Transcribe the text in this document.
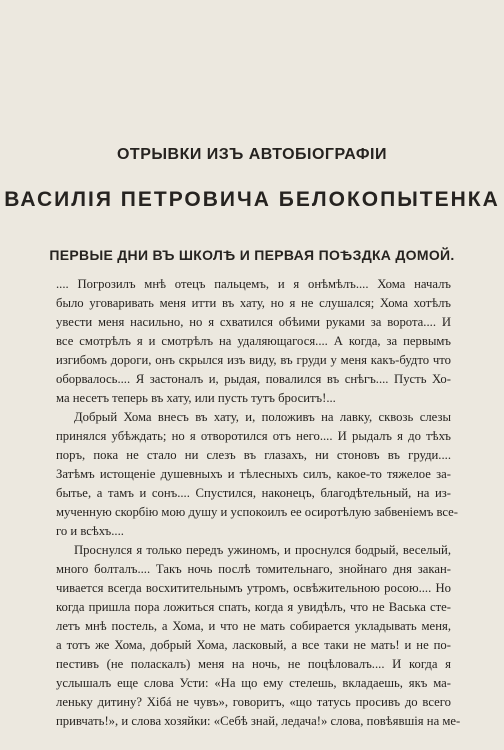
ОТРЫВКИ ИЗЪ АВТОБІОГРАФІИ
ВАСИЛІЯ ПЕТРОВИЧА БЕЛОКОПЫТЕНКА
ПЕРВЫЕ ДНИ ВЪ ШКОЛѢ И ПЕРВАЯ ПОѢЗДКА ДОМОЙ.
.... Погрозилъ мнѣ отецъ пальцемъ, и я онѣмѣлъ.... Хома началъ
было уговаривать меня итти въ хату, но я не слушался; Хома хотѣлъ
увести меня насильно, но я схватился обѣими руками за ворота.... И
все смотрѣлъ я и смотрѣлъ на удаляющагося.... А когда, за первымъ
изгибомъ дороги, онъ скрылся изъ виду, въ груди у меня какъ-будто что
оборвалось.... Я застоналъ и, рыдая, повалился въ снѣгъ.... Пусть Хо-
ма несетъ теперь въ хату, или пусть тутъ броситъ!...
Добрый Хома внесъ въ хату, и, положивъ на лавку, сквозь слезы
принялся убѣждать; но я отворотился отъ него.... И рыдалъ я до тѣхъ
поръ, пока не стало ни слезъ въ глазахъ, ни стоновъ въ груди....
Затѣмъ истощеніе душевныхъ и тѣлесныхъ силъ, какое-то тяжелое за-
бытье, а тамъ и сонъ.... Спустился, наконецъ, благодѣтельный, на из-
мученную скорбію мою душу и успокоилъ ее осиротѣлую забвеніемъ все-
го и всѣхъ....
Проснулся я только передъ ужиномъ, и проснулся бодрый, веселый,
много болталъ.... Такъ ночь послѣ томительнаго, знойнаго дня закан-
чивается всегда восхитительнымъ утромъ, освѣжительною росою.... Но
когда пришла пора ложиться спать, когда я увидѣлъ, что не Васька сте-
летъ мнѣ постель, а Хома, и что не мать собирается укладывать меня,
а тотъ же Хома, добрый Хома, ласковый, а все таки не мать! и не по-
пестивъ (не поласкалъ) меня на ночь, не поцѣловалъ.... И когда я
услышалъ еще слова Усти: «На що ему стелешь, вкладаешь, якъ ма-
леньку дитину? Хібá не чувъ», говоритъ, «що татусь просивъ до всего
привчать!», и слова хозяйки: «Себѣ знай, ледача!» слова, повѣявшія на ме-
